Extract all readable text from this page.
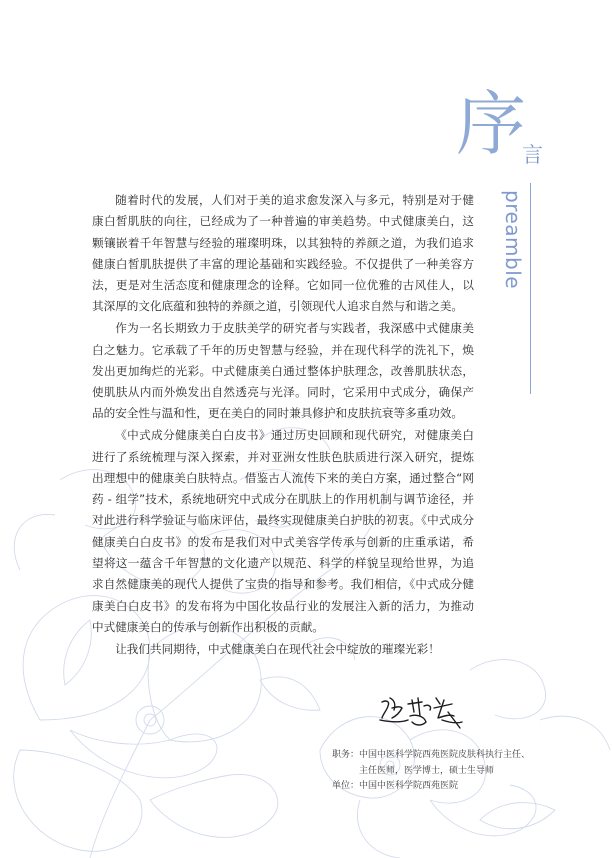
序
言
preamble

随着时代的发展，人们对于美的追求愈发深入与多元，特别是对于健康白皙肌肤的向往，已经成为了一种普遍的审美趋势。中式健康美白，这颗镶嵌着千年智慧与经验的璀璨明珠，以其独特的养颜之道，为我们追求健康白皙肌肤提供了丰富的理论基础和实践经验。不仅提供了一种美容方法，更是对生活态度和健康理念的诠释。它如同一位优雅的古风佳人，以其深厚的文化底蕴和独特的养颜之道，引领现代人追求自然与和谐之美。

作为一名长期致力于皮肤美学的研究者与实践者，我深感中式健康美白之魅力。它承载了千年的历史智慧与经验，并在现代科学的洗礼下，焕发出更加绚烂的光彩。中式健康美白通过整体护肤理念，改善肌肤状态，使肌肤从内而外焕发出自然透亮与光泽。同时，它采用中式成分，确保产品的安全性与温和性，更在美白的同时兼具修护和皮肤抗衰等多重功效。

《中式成分健康美白白皮书》通过历史回顾和现代研究，对健康美白进行了系统梳理与深入探索，并对亚洲女性肤色肤质进行深入研究，提炼出理想中的健康美白肤特点。借鉴古人流传下来的美白方案，通过整合“网药 - 组学”技术，系统地研究中式成分在肌肤上的作用机制与调节途径，并对此进行科学验证与临床评估，最终实现健康美白护肤的初衷。《中式成分健康美白白皮书》的发布是我们对中式美容学传承与创新的庄重承诺，希望将这一蕴含千年智慧的文化遗产以规范、科学的样貌呈现给世界，为追求自然健康美的现代人提供了宝贵的指导和参考。我们相信，《中式成分健康美白白皮书》的发布将为中国化妆品行业的发展注入新的活力，为推动中式健康美白的传承与创新作出积极的贡献。

让我们共同期待，中式健康美白在现代社会中绽放的璀璨光彩！

职务：中国中医科学院西苑医院皮肤科执行主任、
主任医师，医学博士，硕士生导师
单位：中国中医科学院西苑医院
